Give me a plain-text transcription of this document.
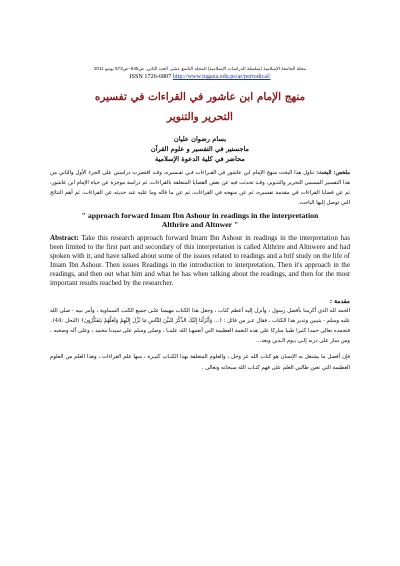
مجلة الجامعة الإسلامية (سلسلة الدراسات الإسلامية) المجلد التاسع عشر، العدد الثاني، ص545–ص573 يونيو 2011
ISSN 1726-6807 http://www.iugaza.edu.ps/ar/periodical/
منهج الإمام ابن عاشور في القراءات في تفسيره
التحرير والتنوير
بسام رضوان عليان
ماجستير في التفسير و علوم القرآن
محاضر في كلية الدعوة الإسلامية
ملخص: البحث: تناول هذا البحث منهج الإمام ابن عاشور في القـراءات فـي تفـسيره، وقـد اقتصرت دراستي على الجزء الأول والثاني من هذا التفسير المسمى التحرير والتنـوير، وقـد تحدثت فيه عن بعض القضايا المتعلقة بالقراءات، ثم دراسة موجزة عن حياة الإمام ابن عاشور، ثم عن قضايا القراءات في مقدمة تفسيره، ثم عن منهجه في القراءات، ثم عن ما قاله وما عليه عند حديثه عن القراءات، ثم أهم النتائج التي توصل إليها الباحث.
" approach forward Imam Ibn Ashour in readings in the interpretation
Althrire and Altnwer "
Abstract: Take this research approach forward Imam Ibn Ashour in readings in the interpretation has been limited to the first part and secondary of this interpretation is called Althrire and Altnwere and had spoken with it, and have talked about some of the issues related to readings and a brif study on the life of Imam Ibn Ashour. Then issues Readings in the introduction to interpretation, Then it's approach in the readings, and then out what him and what he has when talking about the readings, and then for the most important results reached by the researcher.
مقدمة :

الحمد لله الذي أكرمنا بأفضل رسول ، وأنزل إليه أعظم كتاب ، وجعل هذا الكتاب مهيمنا علـى جميع الكتب السماوية ، وأمر نبيه - صلى الله عليه وسلم - بتبيين وتدبر هذا الكتاب ، فقال عـز من قائل : ﴿... وَأَنْزَلْنَا إِلَيْكَ الذِّكْرَ لِتُبَيِّنَ لِلنَّاسِ مَا نُزِّلَ إِلَيْهِمْ وَلَعَلَّهُمْ يَتَفَكَّرُونَ﴾ (النحل :44).

فنحمده تعالى حمدا كثيرا طيبا مباركا على هذه النعمة العظيمة التي أنعمهـا الله علينـا ، وصلى وسلم على سيدنا محمد ، وعلى آله وصحبه ، ومن سار على دربه إلـى يـوم الـدين وبعد...

فإن أفضل ما يشتغل به الإنسان هو كتاب الله عز وجل ، والعلوم المتعلقة بهذا الكتـاب كثيـرة ، منها علم القراءات ، وهذا العلم من العلوم العظيمة التي تعين طالبي العلم على فهم كتـاب الله سبحانه وتعالى .
